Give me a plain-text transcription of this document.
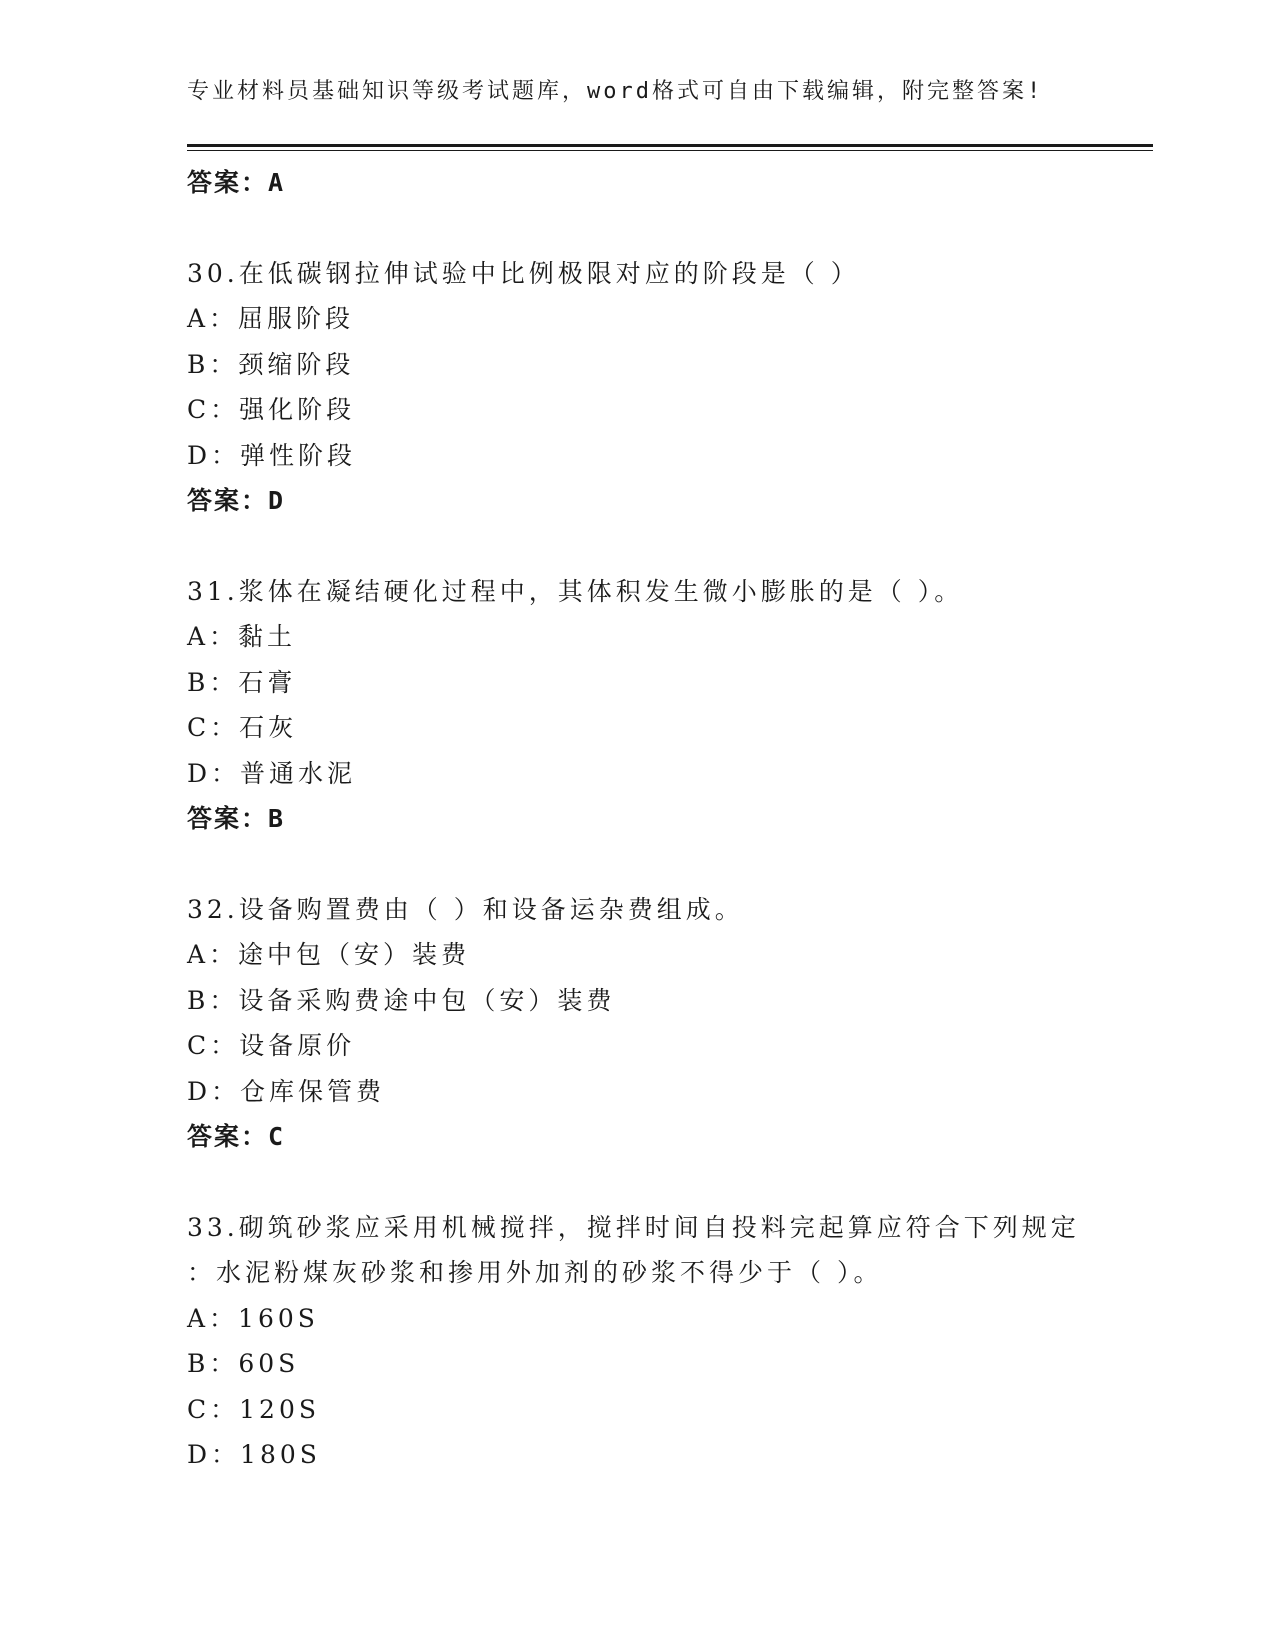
专业材料员基础知识等级考试题库，word格式可自由下载编辑，附完整答案!
答案：A
30.在低碳钢拉伸试验中比例极限对应的阶段是（ ）
A：屈服阶段
B：颈缩阶段
C：强化阶段
D：弹性阶段
答案：D
31.浆体在凝结硬化过程中，其体积发生微小膨胀的是（ ）。
A：黏土
B：石膏
C：石灰
D：普通水泥
答案：B
32.设备购置费由（ ）和设备运杂费组成。
A：途中包（安）装费
B：设备采购费途中包（安）装费
C：设备原价
D：仓库保管费
答案：C
33.砌筑砂浆应采用机械搅拌，搅拌时间自投料完起算应符合下列规定
：水泥粉煤灰砂浆和掺用外加剂的砂浆不得少于（ ）。
A：160S
B：60S
C：120S
D：180S
